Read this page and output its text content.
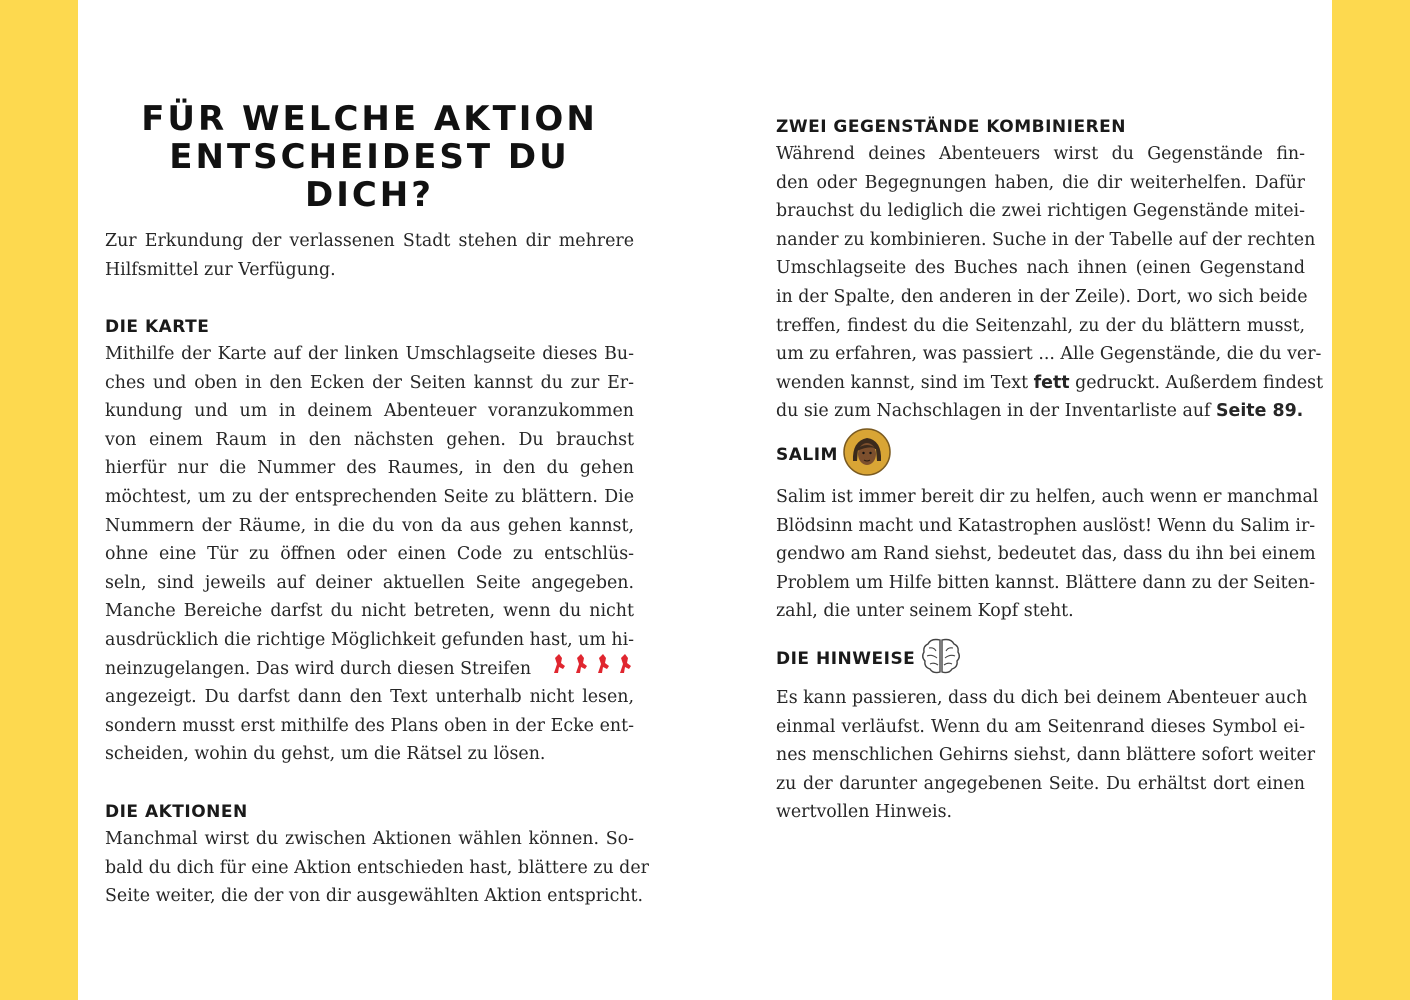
FÜR WELCHE AKTION
ENTSCHEIDEST DU DICH?

Zur Erkundung der verlassenen Stadt stehen dir mehrere
Hilfsmittel zur Verfügung.

DIE KARTE

Mithilfe der Karte auf der linken Umschlagseite dieses Bu-
ches und oben in den Ecken der Seiten kannst du zur Er-
kundung und um in deinem Abenteuer voranzukommen
von einem Raum in den nächsten gehen. Du brauchst
hierfür nur die Nummer des Raumes, in den du gehen
möchtest, um zu der entsprechenden Seite zu blättern. Die
Nummern der Räume, in die du von da aus gehen kannst,
ohne eine Tür zu öffnen oder einen Code zu entschlüs-
seln, sind jeweils auf deiner aktuellen Seite angegeben.
Manche Bereiche darfst du nicht betreten, wenn du nicht
ausdrücklich die richtige Möglichkeit gefunden hast, um hi-
neinzugelangen. Das wird durch diesen Streifen
angezeigt. Du darfst dann den Text unterhalb nicht lesen,
sondern musst erst mithilfe des Plans oben in der Ecke ent-
scheiden, wohin du gehst, um die Rätsel zu lösen.

DIE AKTIONEN

Manchmal wirst du zwischen Aktionen wählen können. So-
bald du dich für eine Aktion entschieden hast, blättere zu der
Seite weiter, die der von dir ausgewählten Aktion entspricht.

ZWEI GEGENSTÄNDE KOMBINIEREN

Während deines Abenteuers wirst du Gegenstände fin-
den oder Begegnungen haben, die dir weiterhelfen. Dafür
brauchst du lediglich die zwei richtigen Gegenstände mitei-
nander zu kombinieren. Suche in der Tabelle auf der rechten
Umschlagseite des Buches nach ihnen (einen Gegenstand
in der Spalte, den anderen in der Zeile). Dort, wo sich beide
treffen, findest du die Seitenzahl, zu der du blättern musst,
um zu erfahren, was passiert ... Alle Gegenstände, die du ver-
wenden kannst, sind im Text fett gedruckt. Außerdem findest
du sie zum Nachschlagen in der Inventarliste auf Seite 89.

SALIM

Salim ist immer bereit dir zu helfen, auch wenn er manchmal
Blödsinn macht und Katastrophen auslöst! Wenn du Salim ir-
gendwo am Rand siehst, bedeutet das, dass du ihn bei einem
Problem um Hilfe bitten kannst. Blättere dann zu der Seiten-
zahl, die unter seinem Kopf steht.

DIE HINWEISE

Es kann passieren, dass du dich bei deinem Abenteuer auch
einmal verläufst. Wenn du am Seitenrand dieses Symbol ei-
nes menschlichen Gehirns siehst, dann blättere sofort weiter
zu der darunter angegebenen Seite. Du erhältst dort einen
wertvollen Hinweis.
